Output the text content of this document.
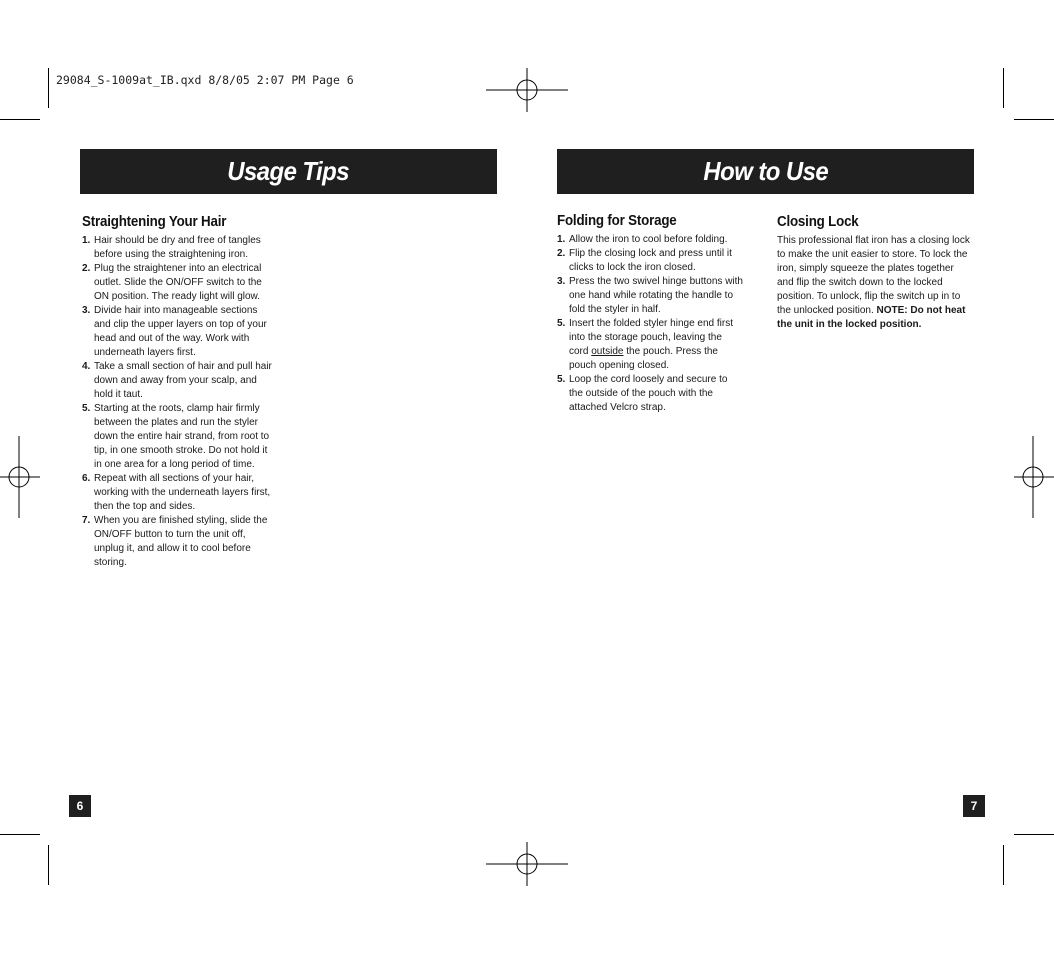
29084_S-1009at_IB.qxd 8/8/05 2:07 PM Page 6
Usage Tips	How to Use
Straightening Your Hair
1. Hair should be dry and free of tangles before using the straightening iron.
2. Plug the straightener into an electrical outlet. Slide the ON/OFF switch to the ON position. The ready light will glow.
3. Divide hair into manageable sections and clip the upper layers on top of your head and out of the way. Work with underneath layers first.
4. Take a small section of hair and pull hair down and away from your scalp, and hold it taut.
5. Starting at the roots, clamp hair firmly between the plates and run the styler down the entire hair strand, from root to tip, in one smooth stroke. Do not hold it in one area for a long period of time.
6. Repeat with all sections of your hair, working with the underneath layers first, then the top and sides.
7. When you are finished styling, slide the ON/OFF button to turn the unit off, unplug it, and allow it to cool before storing.
Folding for Storage
1. Allow the iron to cool before folding.
2. Flip the closing lock and press until it clicks to lock the iron closed.
3. Press the two swivel hinge buttons with one hand while rotating the handle to fold the styler in half.
5. Insert the folded styler hinge end first into the storage pouch, leaving the cord outside the pouch. Press the pouch opening closed.
5. Loop the cord loosely and secure to the outside of the pouch with the attached Velcro strap.
Closing Lock

This professional flat iron has a closing lock to make the unit easier to store. To lock the iron, simply squeeze the plates together and flip the switch down to the locked position. To unlock, flip the switch up in to the unlocked position. NOTE: Do not heat the unit in the locked position.

6	7
